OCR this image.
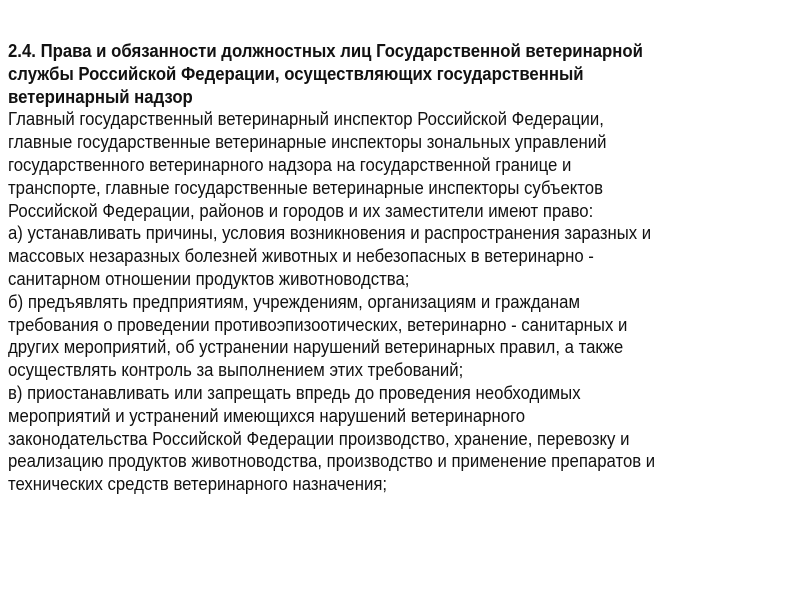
2.4. Права и обязанности должностных лиц Государственной ветеринарной
службы Российской Федерации, осуществляющих государственный
ветеринарный надзор
Главный государственный ветеринарный инспектор Российской Федерации,
главные государственные ветеринарные инспекторы зональных управлений
государственного ветеринарного надзора на государственной границе и
транспорте, главные государственные ветеринарные инспекторы субъектов
Российской Федерации, районов и городов и их заместители имеют право:
а) устанавливать причины, условия возникновения и распространения заразных и
массовых незаразных болезней животных и небезопасных в ветеринарно -
санитарном отношении продуктов животноводства;
б) предъявлять предприятиям, учреждениям, организациям и гражданам
требования о проведении противоэпизоотических, ветеринарно - санитарных и
других мероприятий, об устранении нарушений ветеринарных правил, а также
осуществлять контроль за выполнением этих требований;
в) приостанавливать или запрещать впредь до проведения необходимых
мероприятий и устранений имеющихся нарушений ветеринарного
законодательства Российской Федерации производство, хранение, перевозку и
реализацию продуктов животноводства, производство и применение препаратов и
технических средств ветеринарного назначения;
